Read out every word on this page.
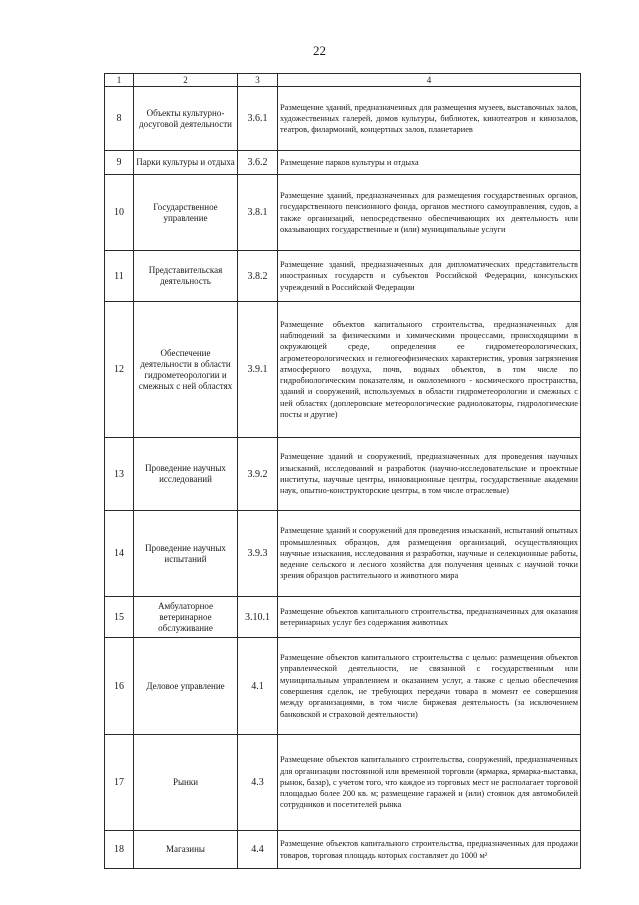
22
1	2	3	4
8	Объекты культурно-досуговой деятельности	3.6.1	Размещение зданий, предназначенных для размещения музеев, выставочных залов, художественных галерей, домов культуры, библиотек, кинотеатров и кинозалов, театров, филармоний, концертных залов, планетариев
9	Парки культуры и отдыха	3.6.2	Размещение парков культуры и отдыха
10	Государственное управление	3.8.1	Размещение зданий, предназначенных для размещения государственных органов, государственного пенсионного фонда, органов местного самоуправления, судов, а также организаций, непосредственно обеспечивающих их деятельность или оказывающих государственные и (или) муниципальные услуги
11	Представительская деятельность	3.8.2	Размещение зданий, предназначенных для дипломатических представительств иностранных государств и субъектов Российской Федерации, консульских учреждений в Российской Федерации
12	Обеспечение деятельности в области гидрометеорологии и смежных с ней областях	3.9.1	Размещение объектов капитального строительства, предназначенных для наблюдений за физическими и химическими процессами, происходящими в окружающей среде, определения ее гидрометеорологических, агрометеорологических и гелиогеофизических характеристик, уровня загрязнения атмосферного воздуха, почв, водных объектов, в том числе по гидробиологическим показателям, и околоземного - космического пространства, зданий и сооружений, используемых в области гидрометеорологии и смежных с ней областях (доплеровские метеорологические радиолокаторы, гидрологические посты и другие)
13	Проведение научных исследований	3.9.2	Размещение зданий и сооружений, предназначенных для проведения научных изысканий, исследований и разработок (научно-исследовательские и проектные институты, научные центры, инновационные центры, государственные академии наук, опытно-конструкторские центры, в том числе отраслевые)
14	Проведение научных испытаний	3.9.3	Размещение зданий и сооружений для проведения изысканий, испытаний опытных промышленных образцов, для размещения организаций, осуществляющих научные изыскания, исследования и разработки, научные и селекционные работы, ведение сельского и лесного хозяйства для получения ценных с научной точки зрения образцов растительного и животного мира
15	Амбулаторное ветеринарное обслуживание	3.10.1	Размещение объектов капитального строительства, предназначенных для оказания ветеринарных услуг без содержания животных
16	Деловое управление	4.1	Размещение объектов капитального строительства с целью: размещения объектов управленческой деятельности, не связанной с государственным или муниципальным управлением и оказанием услуг, а также с целью обеспечения совершения сделок, не требующих передачи товара в момент ее совершения между организациями, в том числе биржевая деятельность (за исключением банковской и страховой деятельности)
17	Рынки	4.3	Размещение объектов капитального строительства, сооружений, предназначенных для организации постоянной или временной торговли (ярмарка, ярмарка-выставка, рынок, базар), с учетом того, что каждое из торговых мест не располагает торговой площадью более 200 кв. м; размещение гаражей и (или) стоянок для автомобилей сотрудников и посетителей рынка
18	Магазины	4.4	Размещение объектов капитального строительства, предназначенных для продажи товаров, торговая площадь которых составляет до 1000 м²
